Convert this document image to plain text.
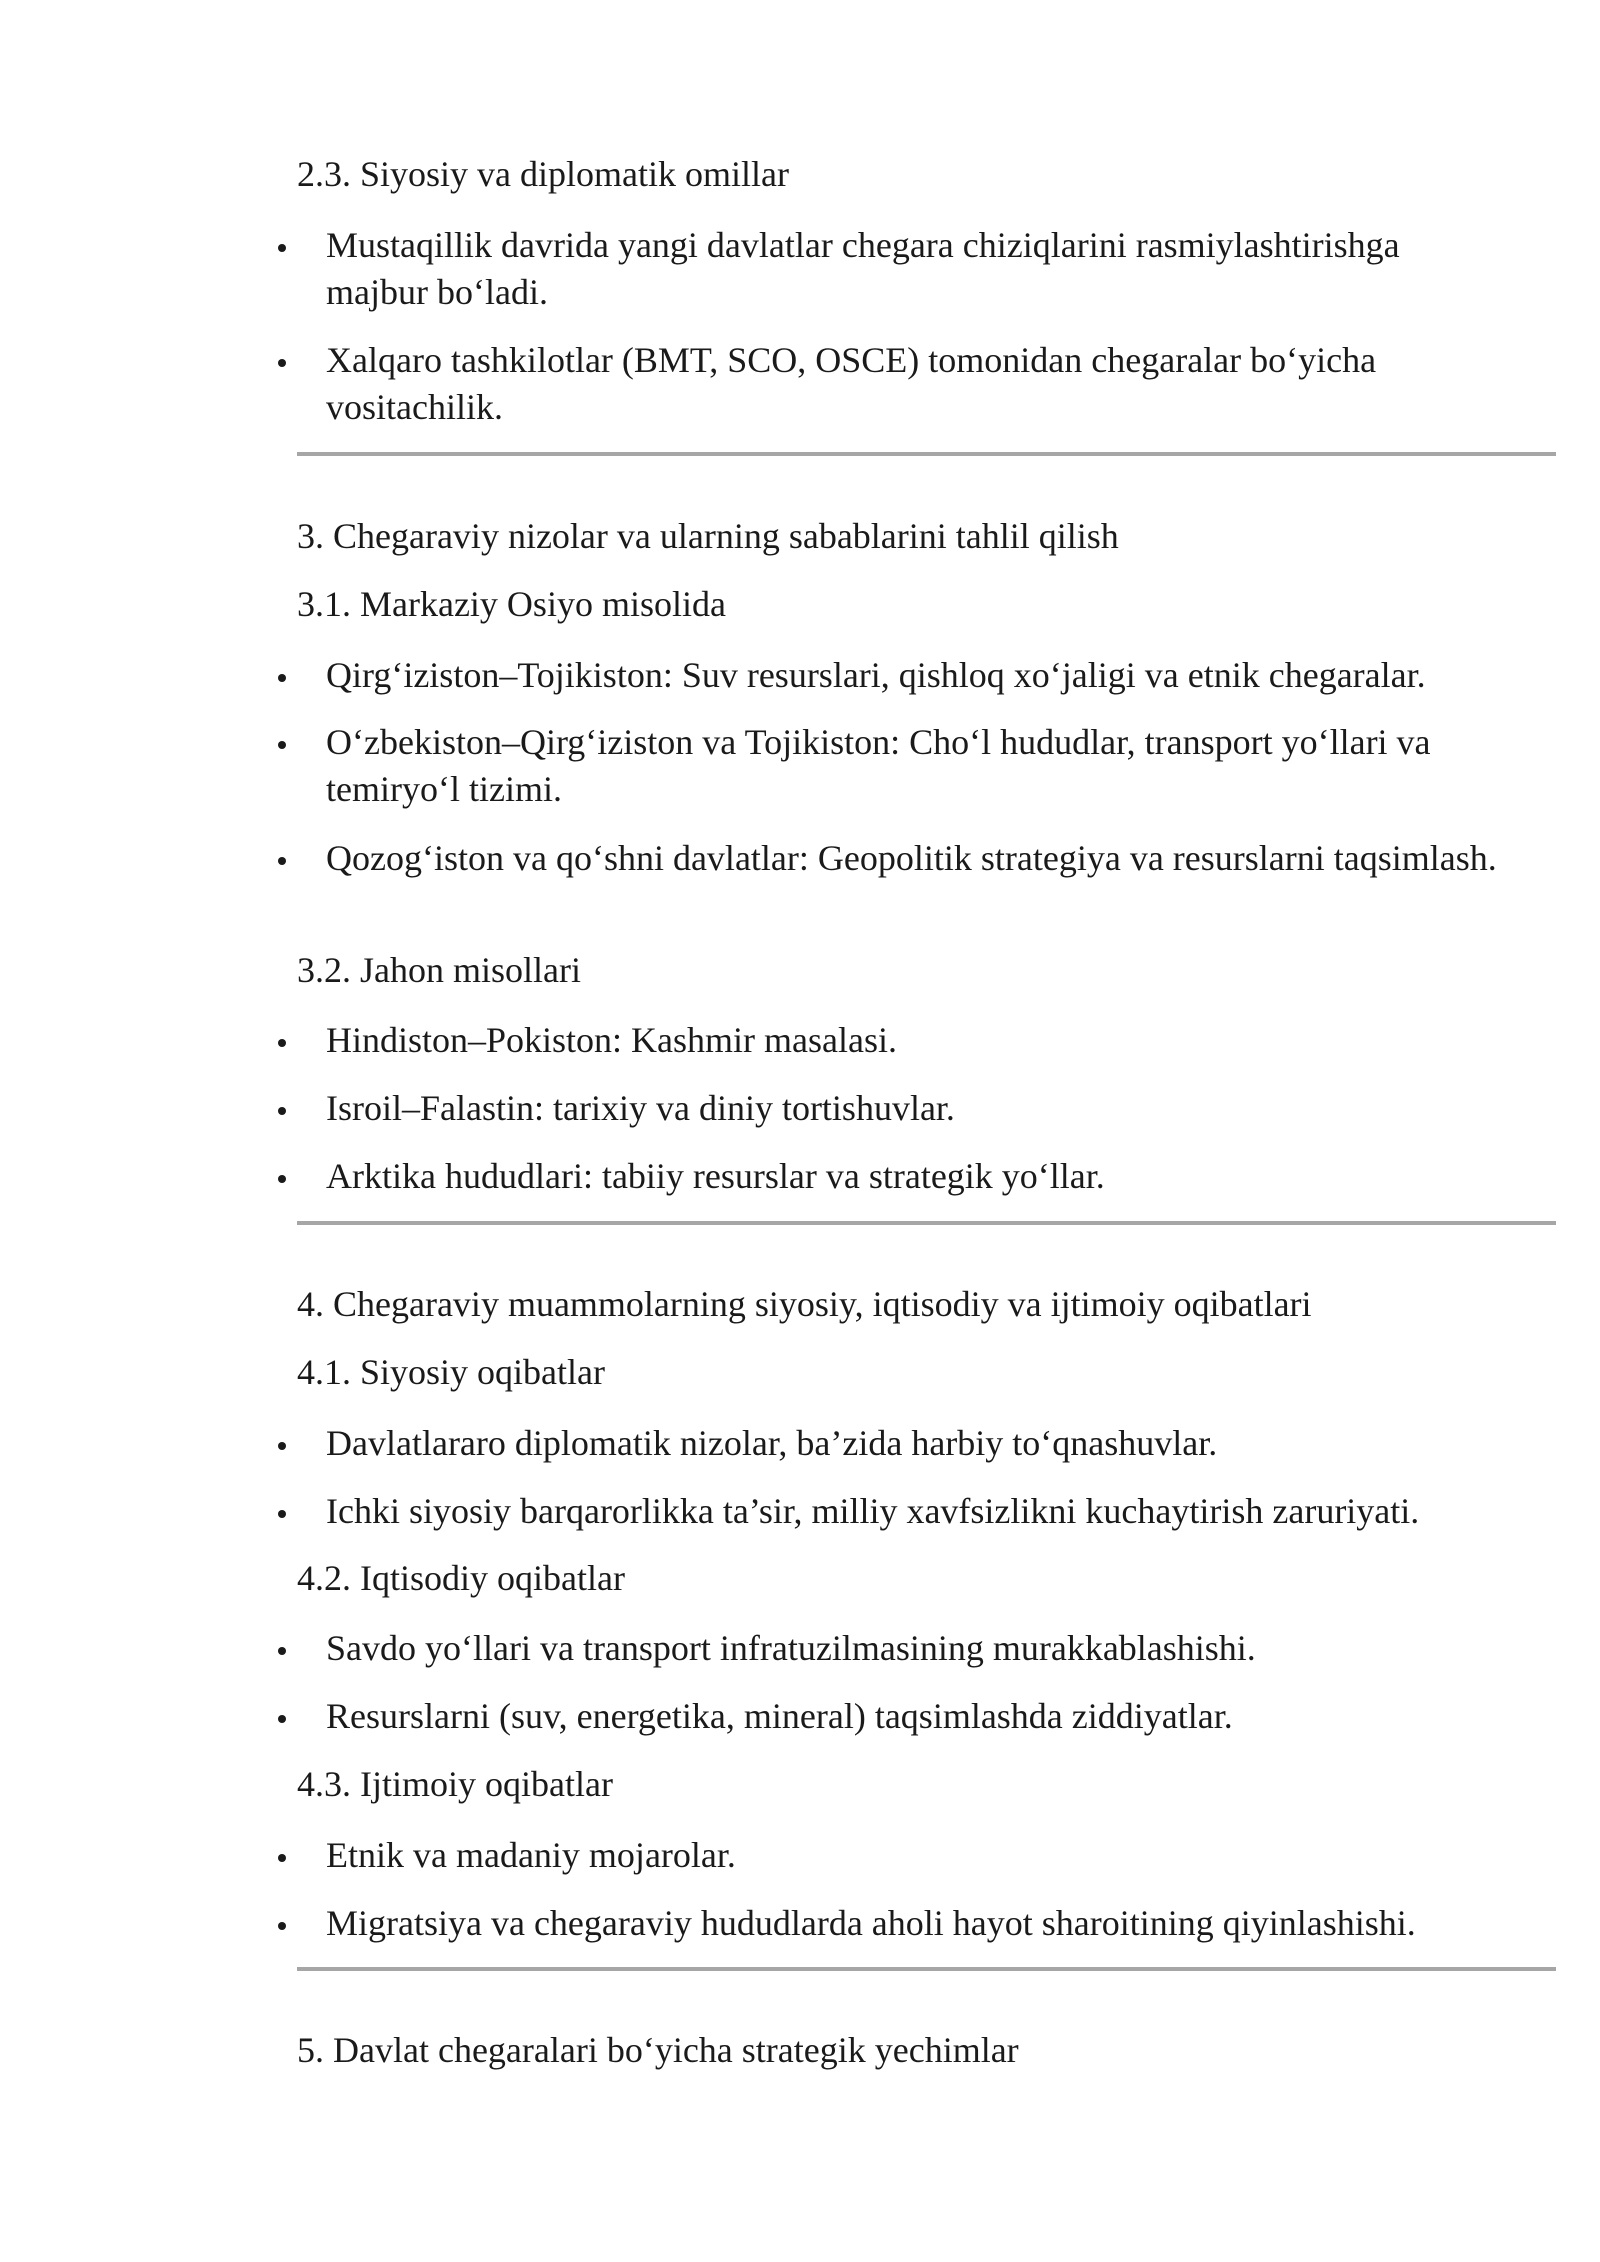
2.3. Siyosiy va diplomatik omillar
Mustaqillik davrida yangi davlatlar chegara chiziqlarini rasmiylashtirishga majbur bo‘ladi.
Xalqaro tashkilotlar (BMT, SCO, OSCE) tomonidan chegaralar bo‘yicha vositachilik.
3. Chegaraviy nizolar va ularning sabablarini tahlil qilish
3.1. Markaziy Osiyo misolida
Qirg‘iziston–Tojikiston: Suv resurslari, qishloq xo‘jaligi va etnik chegaralar.
O‘zbekiston–Qirg‘iziston va Tojikiston: Cho‘l hududlar, transport yo‘llari va temiryo‘l tizimi.
Qozog‘iston va qo‘shni davlatlar: Geopolitik strategiya va resurslarni taqsimlash.
3.2. Jahon misollari
Hindiston–Pokiston: Kashmir masalasi.
Isroil–Falastin: tarixiy va diniy tortishuvlar.
Arktika hududlari: tabiiy resurslar va strategik yo‘llar.
4. Chegaraviy muammolarning siyosiy, iqtisodiy va ijtimoiy oqibatlari
4.1. Siyosiy oqibatlar
Davlatlararo diplomatik nizolar, ba’zida harbiy to‘qnashuvlar.
Ichki siyosiy barqarorlikka ta’sir, milliy xavfsizlikni kuchaytirish zaruriyati.
4.2. Iqtisodiy oqibatlar
Savdo yo‘llari va transport infratuzilmasining murakkablashishi.
Resurslarni (suv, energetika, mineral) taqsimlashda ziddiyatlar.
4.3. Ijtimoiy oqibatlar
Etnik va madaniy mojarolar.
Migratsiya va chegaraviy hududlarda aholi hayot sharoitining qiyinlashishi.
5. Davlat chegaralari bo‘yicha strategik yechimlar
